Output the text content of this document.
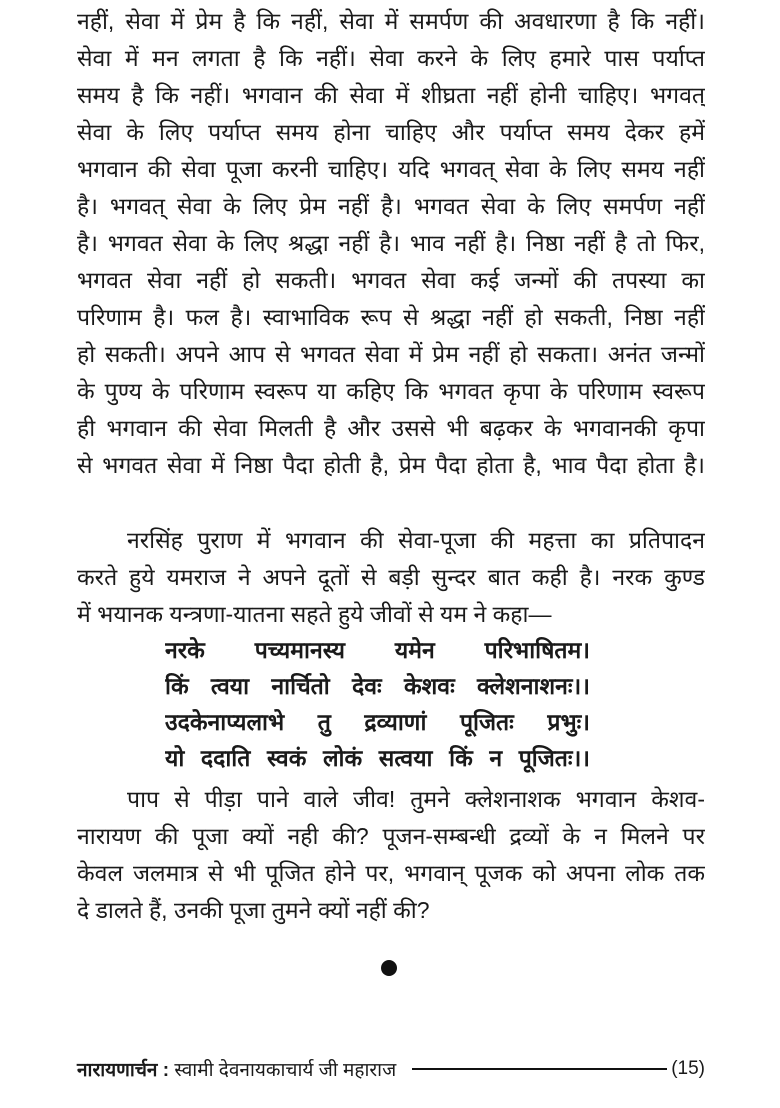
नहीं, सेवा में प्रेम है कि नहीं, सेवा में समर्पण की अवधारणा है कि नहीं।
सेवा में मन लगता है कि नहीं। सेवा करने के लिए हमारे पास पर्याप्त
समय है कि नहीं। भगवान की सेवा में शीघ्रता नहीं होनी चाहिए। भगवत्
सेवा के लिए पर्याप्त समय होना चाहिए और पर्याप्त समय देकर हमें
भगवान की सेवा पूजा करनी चाहिए। यदि भगवत् सेवा के लिए समय नहीं
है। भगवत् सेवा के लिए प्रेम नहीं है। भगवत सेवा के लिए समर्पण नहीं
है। भगवत सेवा के लिए श्रद्धा नहीं है। भाव नहीं है। निष्ठा नहीं है तो फिर,
भगवत सेवा नहीं हो सकती। भगवत सेवा कई जन्मों की तपस्या का
परिणाम है। फल है। स्वाभाविक रूप से श्रद्धा नहीं हो सकती, निष्ठा नहीं
हो सकती। अपने आप से भगवत सेवा में प्रेम नहीं हो सकता। अनंत जन्मों
के पुण्य के परिणाम स्वरूप या कहिए कि भगवत कृपा के परिणाम स्वरूप
ही भगवान की सेवा मिलती है और उससे भी बढ़कर के भगवानकी कृपा
से भगवत सेवा में निष्ठा पैदा होती है, प्रेम पैदा होता है, भाव पैदा होता है।
नरसिंह पुराण में भगवान की सेवा-पूजा की महत्ता का प्रतिपादन
करते हुये यमराज ने अपने दूतों से बड़ी सुन्दर बात कही है। नरक कुण्ड
में भयानक यन्त्रणा-यातना सहते हुये जीवों से यम ने कहा—
नरके पच्यमानस्य यमेन परिभाषितम।
किं त्वया नार्चितो देवः केशवः क्लेशनाशनः।।
उदकेनाप्यलाभे तु द्रव्याणां पूजितः प्रभुः।
यो ददाति स्वकं लोकं सत्वया किं न पूजितः।।
पाप से पीड़ा पाने वाले जीव! तुमने क्लेशनाशक भगवान केशव-
नारायण की पूजा क्यों नही की? पूजन-सम्बन्धी द्रव्यों के न मिलने पर
केवल जलमात्र से भी पूजित होने पर, भगवान् पूजक को अपना लोक तक
दे डालते हैं, उनकी पूजा तुमने क्यों नहीं की?
नारायणार्चन :
स्वामी देवनायकाचार्य जी महाराज	(15)
